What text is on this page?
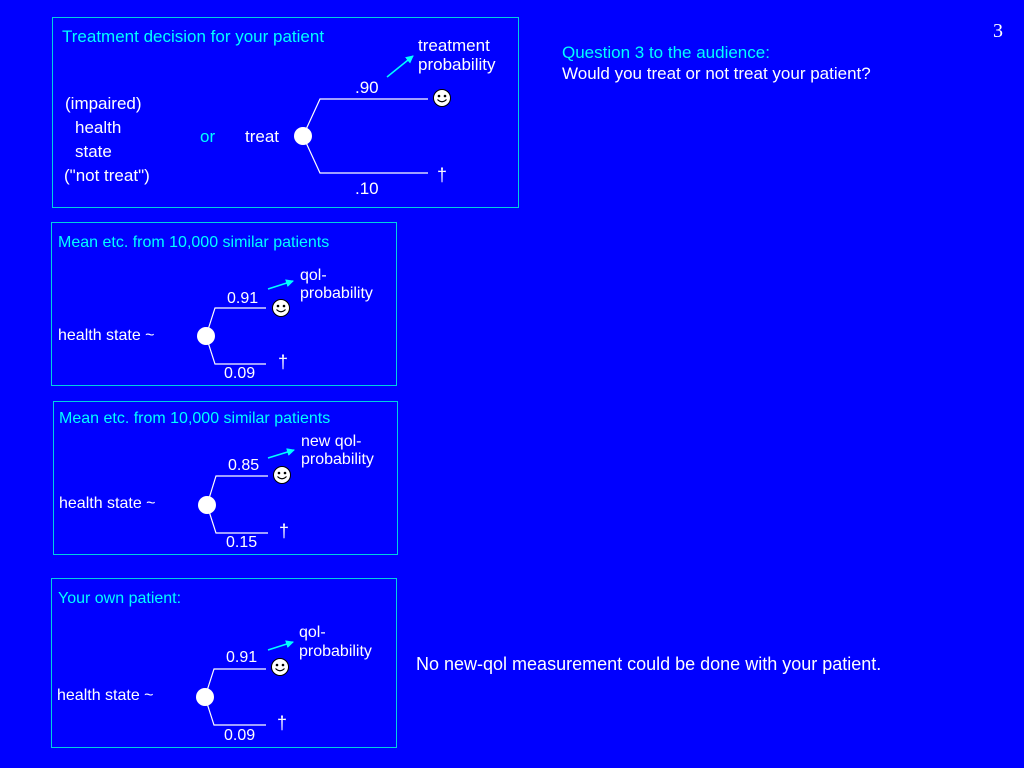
3
Question 3 to the audience:
Would you treat or not treat your patient?
Treatment decision for your patient	treatment
probability
.90
(impaired)
health
state
("not treat")
or treat
†
.10
Mean etc. from 10,000 similar patients
qol-
probability
0.91
health state ~
†
0.09
Mean etc. from 10,000 similar patients
new qol-
probability
0.85
health state ~
†
0.15
Your own patient:
qol-
probability
0.91
health state ~
†
0.09
No new-qol measurement could be done with your patient.
